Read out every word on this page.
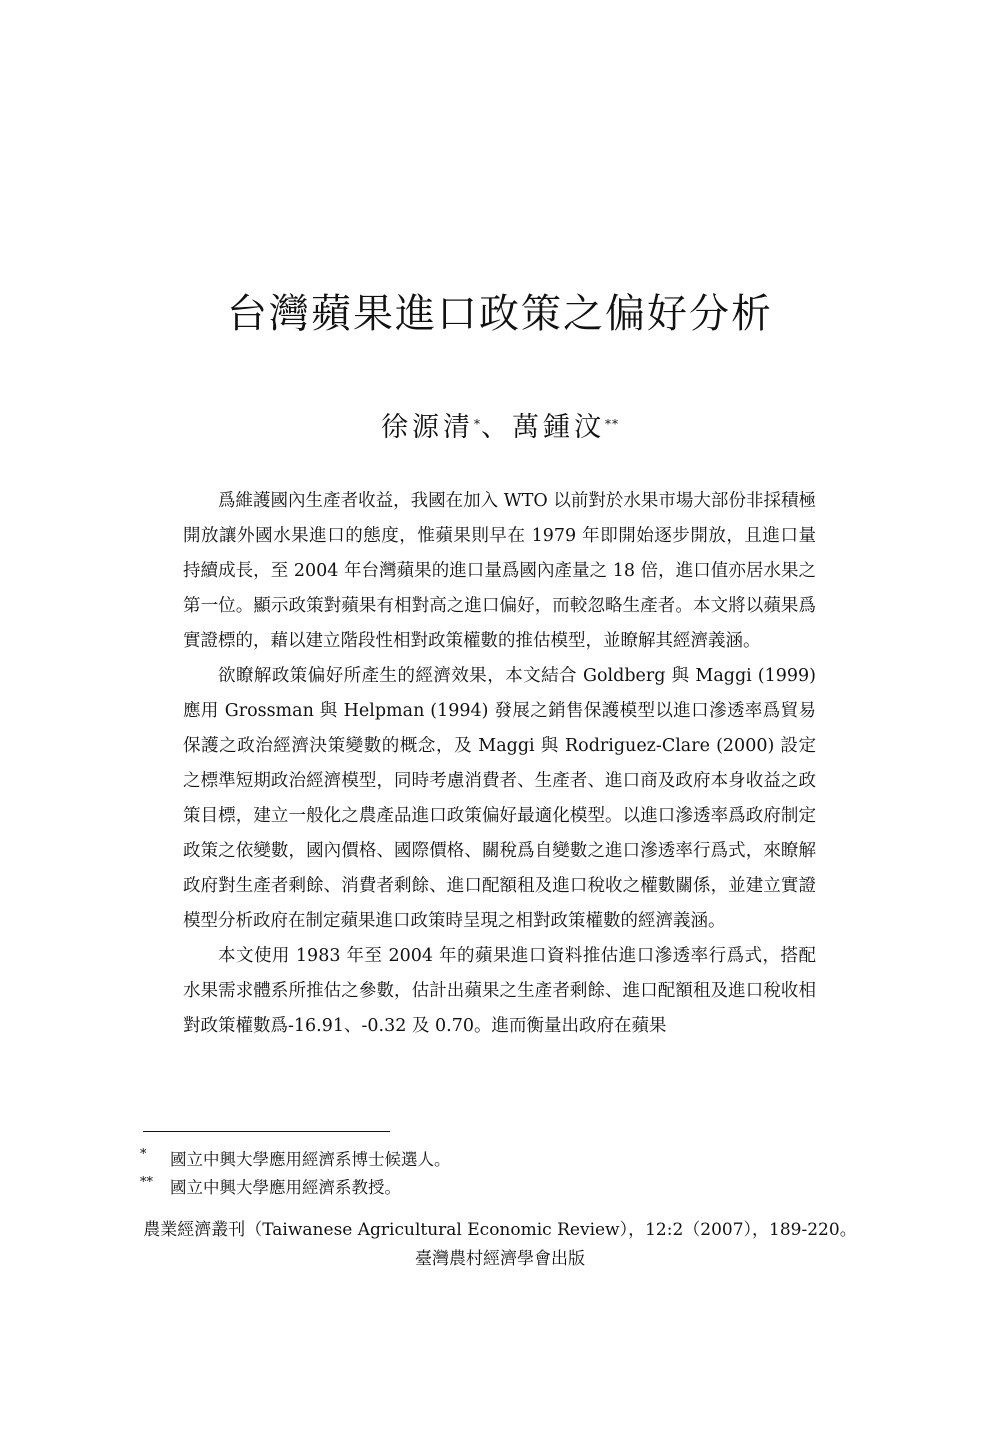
台灣蘋果進口政策之偏好分析
徐源清*、萬鍾汶**

爲維護國內生產者收益，我國在加入 WTO 以前對於水果市場大部份非採積極開放讓外國水果進口的態度，惟蘋果則早在 1979 年即開始逐步開放，且進口量持續成長，至 2004 年台灣蘋果的進口量爲國內產量之 18 倍，進口值亦居水果之第一位。顯示政策對蘋果有相對高之進口偏好，而較忽略生產者。本文將以蘋果爲實證標的，藉以建立階段性相對政策權數的推估模型，並瞭解其經濟義涵。

欲瞭解政策偏好所產生的經濟效果，本文結合 Goldberg 與 Maggi (1999) 應用 Grossman 與 Helpman (1994) 發展之銷售保護模型以進口滲透率爲貿易保護之政治經濟決策變數的概念，及 Maggi 與 Rodriguez-Clare (2000) 設定之標準短期政治經濟模型，同時考慮消費者、生產者、進口商及政府本身收益之政策目標，建立一般化之農產品進口政策偏好最適化模型。以進口滲透率爲政府制定政策之依變數，國內價格、國際價格、關稅爲自變數之進口滲透率行爲式，來瞭解政府對生產者剩餘、消費者剩餘、進口配額租及進口稅收之權數關係，並建立實證模型分析政府在制定蘋果進口政策時呈現之相對政策權數的經濟義涵。

本文使用 1983 年至 2004 年的蘋果進口資料推估進口滲透率行爲式，搭配水果需求體系所推估之參數，估計出蘋果之生產者剩餘、進口配額租及進口稅收相對政策權數爲-16.91、-0.32 及 0.70。進而衡量出政府在蘋果

* 國立中興大學應用經濟系博士候選人。
** 國立中興大學應用經濟系教授。
農業經濟叢刊（Taiwanese Agricultural Economic Review），12:2（2007），189-220。
臺灣農村經濟學會出版
